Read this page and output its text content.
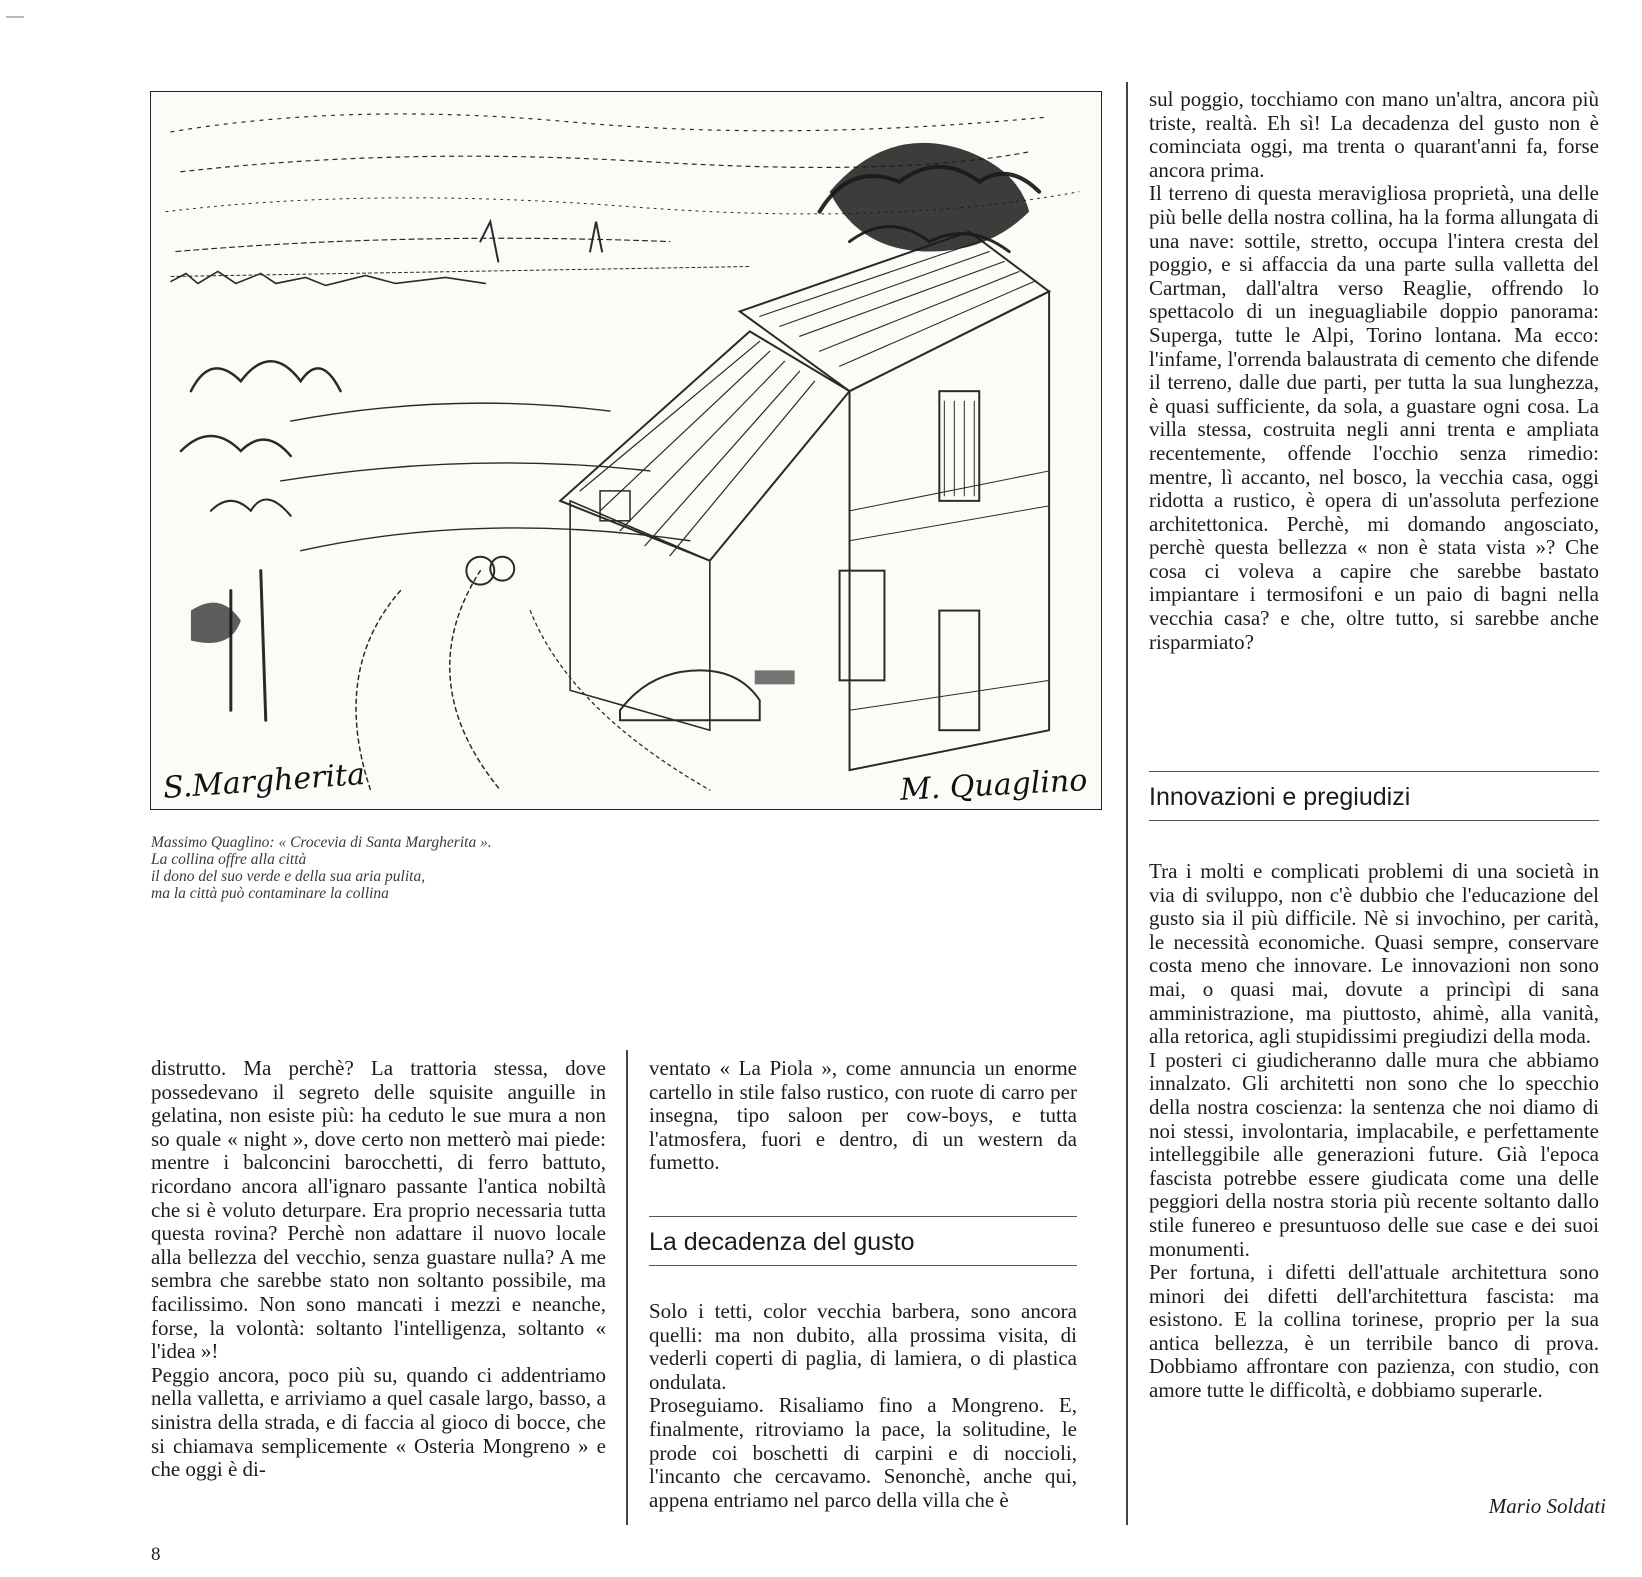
S.Margherita	M. Quaglino
Massimo Quaglino: « Crocevia di Santa Margherita ».
La collina offre alla città
il dono del suo verde e della sua aria pulita,
ma la città può contaminare la collina

distrutto. Ma perchè? La trattoria stessa, dove possedevano il segreto delle squisite anguille in gelatina, non esiste più: ha ceduto le sue mura a non so quale « night », dove certo non metterò mai piede: mentre i balconcini barocchetti, di ferro battuto, ricordano ancora all'ignaro passante l'antica nobiltà che si è voluto deturpare. Era proprio necessaria tutta questa rovina? Perchè non adattare il nuovo locale alla bellezza del vecchio, senza guastare nulla? A me sembra che sarebbe stato non soltanto possibile, ma facilissimo. Non sono mancati i mezzi e neanche, forse, la volontà: soltanto l'intelligenza, soltanto « l'idea »!

Peggio ancora, poco più su, quando ci addentriamo nella valletta, e arriviamo a quel casale largo, basso, a sinistra della strada, e di faccia al gioco di bocce, che si chiamava semplicemente « Osteria Mongreno » e che oggi è di-

ventato « La Piola », come annuncia un enorme cartello in stile falso rustico, con ruote di carro per insegna, tipo saloon per cow-boys, e tutta l'atmosfera, fuori e dentro, di un western da fumetto.

La decadenza del gusto

Solo i tetti, color vecchia barbera, sono ancora quelli: ma non dubito, alla prossima visita, di vederli coperti di paglia, di lamiera, o di plastica ondulata.

Proseguiamo. Risaliamo fino a Mongreno. E, finalmente, ritroviamo la pace, la solitudine, le prode coi boschetti di carpini e di noccioli, l'incanto che cercavamo. Senonchè, anche qui, appena entriamo nel parco della villa che è

sul poggio, tocchiamo con mano un'altra, ancora più triste, realtà. Eh sì! La decadenza del gusto non è cominciata oggi, ma trenta o quarant'anni fa, forse ancora prima.

Il terreno di questa meravigliosa proprietà, una delle più belle della nostra collina, ha la forma allungata di una nave: sottile, stretto, occupa l'intera cresta del poggio, e si affaccia da una parte sulla valletta del Cartman, dall'altra verso Reaglie, offrendo lo spettacolo di un ineguagliabile doppio panorama: Superga, tutte le Alpi, Torino lontana. Ma ecco: l'infame, l'orrenda balaustrata di cemento che difende il terreno, dalle due parti, per tutta la sua lunghezza, è quasi sufficiente, da sola, a guastare ogni cosa. La villa stessa, costruita negli anni trenta e ampliata recentemente, offende l'occhio senza rimedio: mentre, lì accanto, nel bosco, la vecchia casa, oggi ridotta a rustico, è opera di un'assoluta perfezione architettonica. Perchè, mi domando angosciato, perchè questa bellezza « non è stata vista »? Che cosa ci voleva a capire che sarebbe bastato impiantare i termosifoni e un paio di bagni nella vecchia casa? e che, oltre tutto, si sarebbe anche risparmiato?

Innovazioni e pregiudizi

Tra i molti e complicati problemi di una società in via di sviluppo, non c'è dubbio che l'educazione del gusto sia il più difficile. Nè si invochino, per carità, le necessità economiche. Quasi sempre, conservare costa meno che innovare. Le innovazioni non sono mai, o quasi mai, dovute a princìpi di sana amministrazione, ma piuttosto, ahimè, alla vanità, alla retorica, agli stupidissimi pregiudizi della moda.

I posteri ci giudicheranno dalle mura che abbiamo innalzato. Gli architetti non sono che lo specchio della nostra coscienza: la sentenza che noi diamo di noi stessi, involontaria, implacabile, e perfettamente intelleggibile alle generazioni future. Già l'epoca fascista potrebbe essere giudicata come una delle peggiori della nostra storia più recente soltanto dallo stile funereo e presuntuoso delle sue case e dei suoi monumenti.

Per fortuna, i difetti dell'attuale architettura sono minori dei difetti dell'architettura fascista: ma esistono. E la collina torinese, proprio per la sua antica bellezza, è un terribile banco di prova. Dobbiamo affrontare con pazienza, con studio, con amore tutte le difficoltà, e dobbiamo superarle.

Mario Soldati
8
